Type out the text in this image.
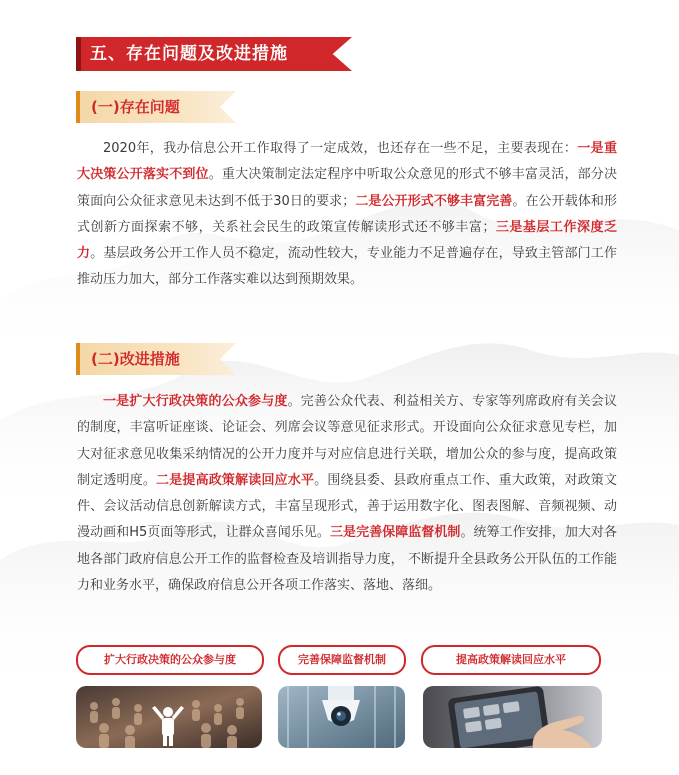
五、存在问题及改进措施
(一)存在问题

2020年，我办信息公开工作取得了一定成效，也还存在一些不足，主要表现在：一是重大决策公开落实不到位。重大决策制定法定程序中听取公众意见的形式不够丰富灵活，部分决策面向公众征求意见未达到不低于30日的要求；二是公开形式不够丰富完善。在公开载体和形式创新方面探索不够，关系社会民生的政策宣传解读形式还不够丰富；三是基层工作深度乏力。基层政务公开工作人员不稳定，流动性较大，专业能力不足普遍存在，导致主管部门工作推动压力加大，部分工作落实难以达到预期效果。

(二)改进措施

一是扩大行政决策的公众参与度。完善公众代表、利益相关方、专家等列席政府有关会议的制度，丰富听证座谈、论证会、列席会议等意见征求形式。开设面向公众征求意见专栏，加大对征求意见收集采纳情况的公开力度并与对应信息进行关联，增加公众的参与度，提高政策制定透明度。二是提高政策解读回应水平。围绕县委、县政府重点工作、重大政策，对政策文件、会议活动信息创新解读方式，丰富呈现形式，善于运用数字化、图表图解、音频视频、动漫动画和H5页面等形式，让群众喜闻乐见。三是完善保障监督机制。统筹工作安排，加大对各地各部门政府信息公开工作的监督检查及培训指导力度， 不断提升全县政务公开队伍的工作能力和业务水平，确保政府信息公开各项工作落实、落地、落细。

扩大行政决策的公众参与度	完善保障监督机制	提高政策解读回应水平
